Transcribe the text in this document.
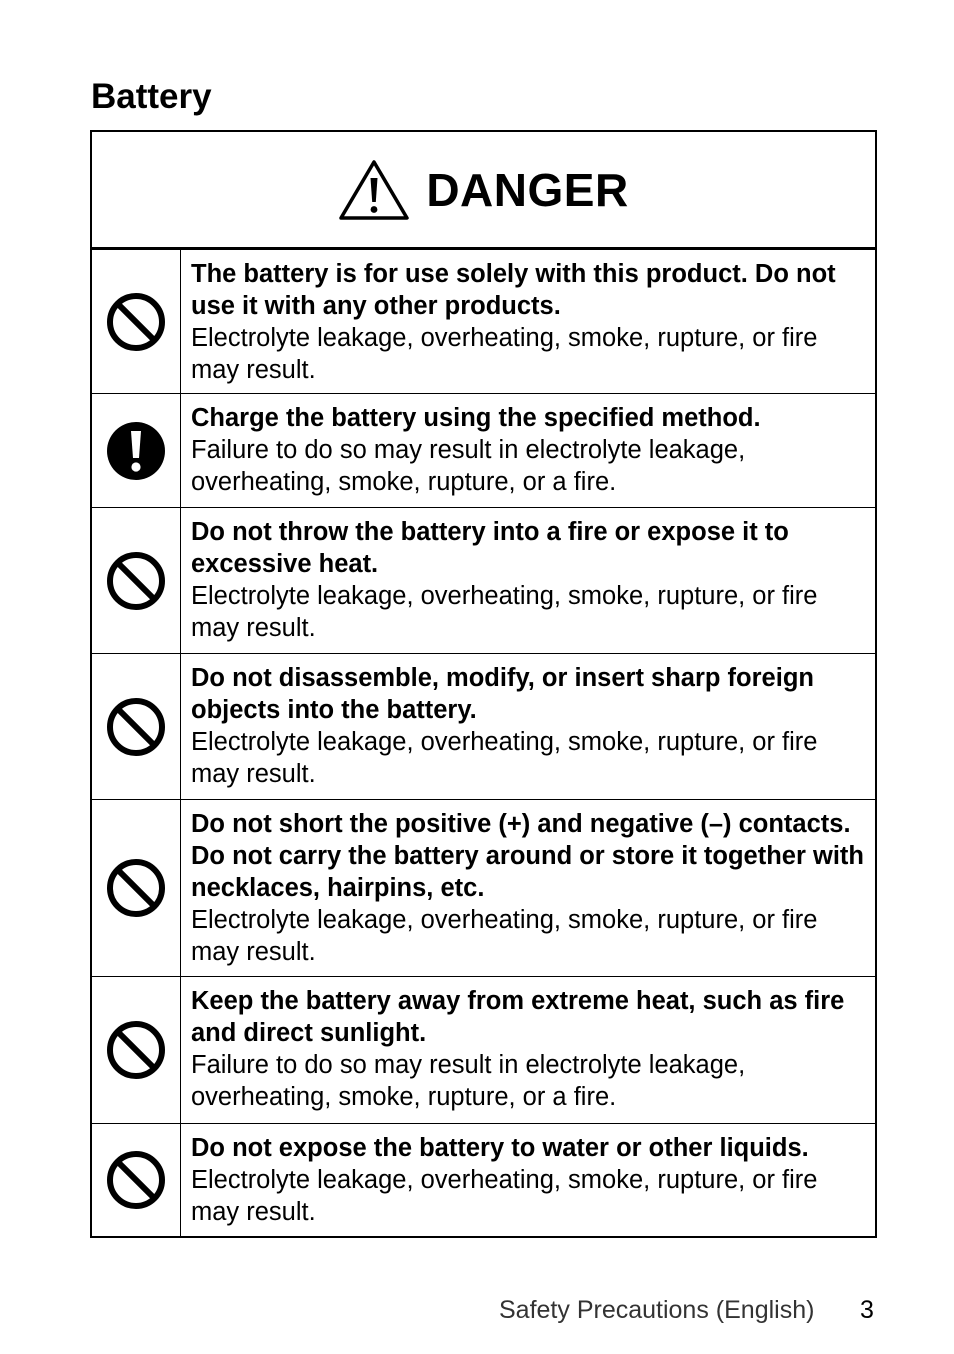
Battery
DANGER
The battery is for use solely with this product. Do not use it with any other products.
Electrolyte leakage, overheating, smoke, rupture, or fire may result.
Charge the battery using the specified method.
Failure to do so may result in electrolyte leakage, overheating, smoke, rupture, or a fire.
Do not throw the battery into a fire or expose it to excessive heat.
Electrolyte leakage, overheating, smoke, rupture, or fire may result.
Do not disassemble, modify, or insert sharp foreign objects into the battery.
Electrolyte leakage, overheating, smoke, rupture, or fire may result.
Do not short the positive (+) and negative (–) contacts. Do not carry the battery around or store it together with necklaces, hairpins, etc.
Electrolyte leakage, overheating, smoke, rupture, or fire may result.
Keep the battery away from extreme heat, such as fire and direct sunlight.
Failure to do so may result in electrolyte leakage, overheating, smoke, rupture, or a fire.
Do not expose the battery to water or other liquids.
Electrolyte leakage, overheating, smoke, rupture, or fire may result.
Safety Precautions (English) 3
